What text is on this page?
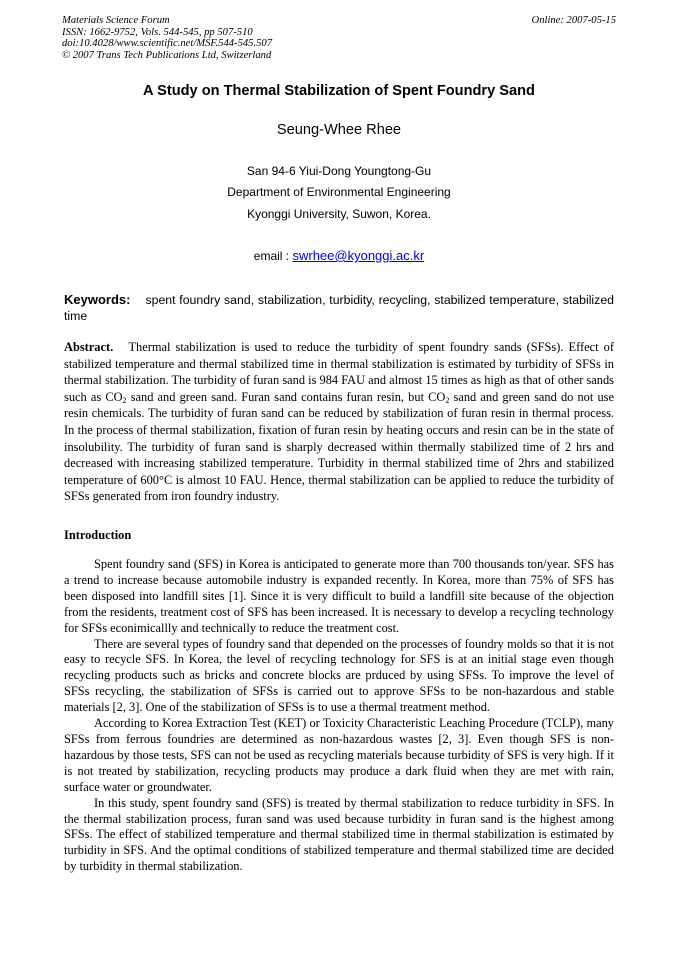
Materials Science Forum
ISSN: 1662-9752, Vols. 544-545, pp 507-510
doi:10.4028/www.scientific.net/MSF.544-545.507
© 2007 Trans Tech Publications Ltd, Switzerland
Online: 2007-05-15
A Study on Thermal Stabilization of Spent Foundry Sand
Seung-Whee Rhee
San 94-6 Yiui-Dong Youngtong-Gu
Department of Environmental Engineering
Kyonggi University, Suwon, Korea.
email : swrhee@kyonggi.ac.kr
Keywords: spent foundry sand, stabilization, turbidity, recycling, stabilized temperature, stabilized time
Abstract. Thermal stabilization is used to reduce the turbidity of spent foundry sands (SFSs). Effect of stabilized temperature and thermal stabilized time in thermal stabilization is estimated by turbidity of SFSs in thermal stabilization. The turbidity of furan sand is 984 FAU and almost 15 times as high as that of other sands such as $CO_2$ sand and green sand. Furan sand contains furan resin, but $CO_2$ sand and green sand do not use resin chemicals. The turbidity of furan sand can be reduced by stabilization of furan resin in thermal process. In the process of thermal stabilization, fixation of furan resin by heating occurs and resin can be in the state of insolubility. The turbidity of furan sand is sharply decreased within thermally stabilized time of 2 hrs and decreased with increasing stabilized temperature. Turbidity in thermal stabilized time of 2hrs and stabilized temperature of 600°C is almost 10 FAU. Hence, thermal stabilization can be applied to reduce the turbidity of SFSs generated from iron foundry industry.
Introduction

Spent foundry sand (SFS) in Korea is anticipated to generate more than 700 thousands ton/year. SFS has a trend to increase because automobile industry is expanded recently. In Korea, more than 75% of SFS has been disposed into landfill sites [1]. Since it is very difficult to build a landfill site because of the objection from the residents, treatment cost of SFS has been increased. It is necessary to develop a recycling technology for SFSs econimicallly and technically to reduce the treatment cost.

There are several types of foundry sand that depended on the processes of foundry molds so that it is not easy to recycle SFS. In Korea, the level of recycling technology for SFS is at an initial stage even though recycling products such as bricks and concrete blocks are prduced by using SFSs. To improve the level of SFSs recycling, the stabilization of SFSs is carried out to approve SFSs to be non-hazardous and stable materials [2, 3]. One of the stabilization of SFSs is to use a thermal treatment method.

According to Korea Extraction Test (KET) or Toxicity Characteristic Leaching Procedure (TCLP), many SFSs from ferrous foundries are determined as non-hazardous wastes [2, 3]. Even though SFS is non-hazardous by those tests, SFS can not be used as recycling materials because turbidity of SFS is very high. If it is not treated by stabilization, recycling products may produce a dark fluid when they are met with rain, surface water or groundwater.

In this study, spent foundry sand (SFS) is treated by thermal stabilization to reduce turbidity in SFS. In the thermal stabilization process, furan sand was used because turbidity in furan sand is the highest among SFSs. The effect of stabilized temperature and thermal stabilized time in thermal stabilization is estimated by turbidity in SFS. And the optimal conditions of stabilized temperature and thermal stabilized time are decided by turbidity in thermal stabilization.
